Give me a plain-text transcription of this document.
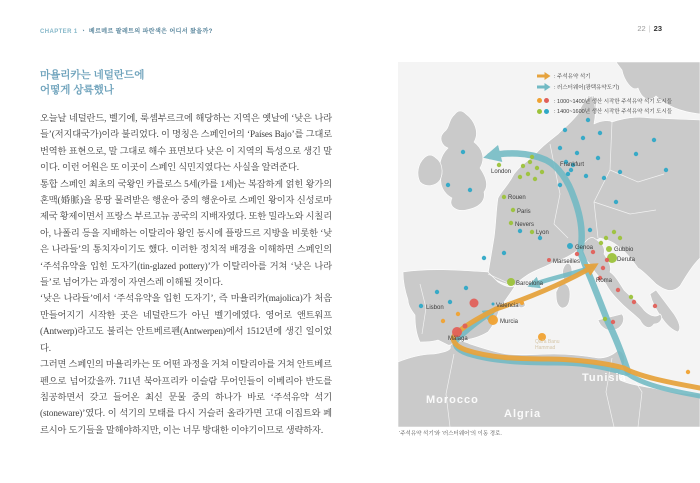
CHAPTER 1 ㆍ 베르메르 팔레트의 파란색은 어디서 왔을까?	22 | 23
마욜리카는 네덜란드에
어떻게 상륙했나

오늘날 네덜란드, 벨기에, 룩셈부르크에 해당하는 지역은 옛날에 ‘낮은 나라들’(저지대국가)이라 불리었다. 이 명칭은 스페인어의 ‘Países Bajo’를 그대로 번역한 표현으로, 말 그대로 해수 표면보다 낮은 이 지역의 특성으로 생긴 말이다. 이런 어원은 또 이곳이 스페인 식민지였다는 사실을 알려준다.

통합 스페인 최초의 국왕인 카를로스 5세(카를 1세)는 복잡하게 얽힌 왕가의 혼맥(婚脈)을 몽땅 물려받은 행운아 중의 행운아로 스페인 왕이자 신성로마제국 황제이면서 프랑스 부르고뉴 공국의 지배자였다. 또한 밀라노와 시칠리아, 나폴리 등을 지배하는 이탈리아 왕인 동시에 플랑드르 지방을 비롯한 ‘낮은 나라들’의 통치자이기도 했다. 이러한 정치적 배경을 이해하면 스페인의 ‘주석유약을 입힌 도자기(tin-glazed pottery)’가 이탈리아를 거쳐 ‘낮은 나라들’로 넘어가는 과정이 자연스레 이해될 것이다.

‘낮은 나라들’에서 ‘주석유약을 입힌 도자기’, 즉 마욜리카(majolica)가 처음 만들어지기 시작한 곳은 네덜란드가 아닌 벨기에였다. 영어로 앤트워프(Antwerp)라고도 불리는 안트베르펜(Antwerpen)에서 1512년에 생긴 일이었다.

그러면 스페인의 마욜리카는 또 어떤 과정을 거쳐 이탈리아를 거쳐 안트베르펜으로 넘어갔을까. 711년 북아프리카 이슬람 무어인들이 이베리아 반도를 침공하면서 갖고 들어온 최신 문물 중의 하나가 바로 ‘주석유약 석기(stoneware)’였다. 이 석기의 모태를 다시 거슬러 올라가면 고대 이집트와 페르시아 도기들을 말해야하지만, 이는 너무 방대한 이야기이므로 생략하자.

Morocco
Algria
Tunisia
London
Rouen
Paris
Nevers
Lyon
Frankfurt
Genoa
Marseilles
Gubbio
Deruta
Roma
Lisbon
Barcelona
Valencia
Murcia
Málaga	Qal'a Banu
Hammad
: 주석유약 석기
: 러스터웨어(광택유약도기)
: 1000~1400년 생산 시작한 주석유약 석기 도시들
: 1400~1600년 생산 시작한 주석유약 석기 도시들
‘주석유약 석기’와 ‘러스터웨어’의 이동 경로.
